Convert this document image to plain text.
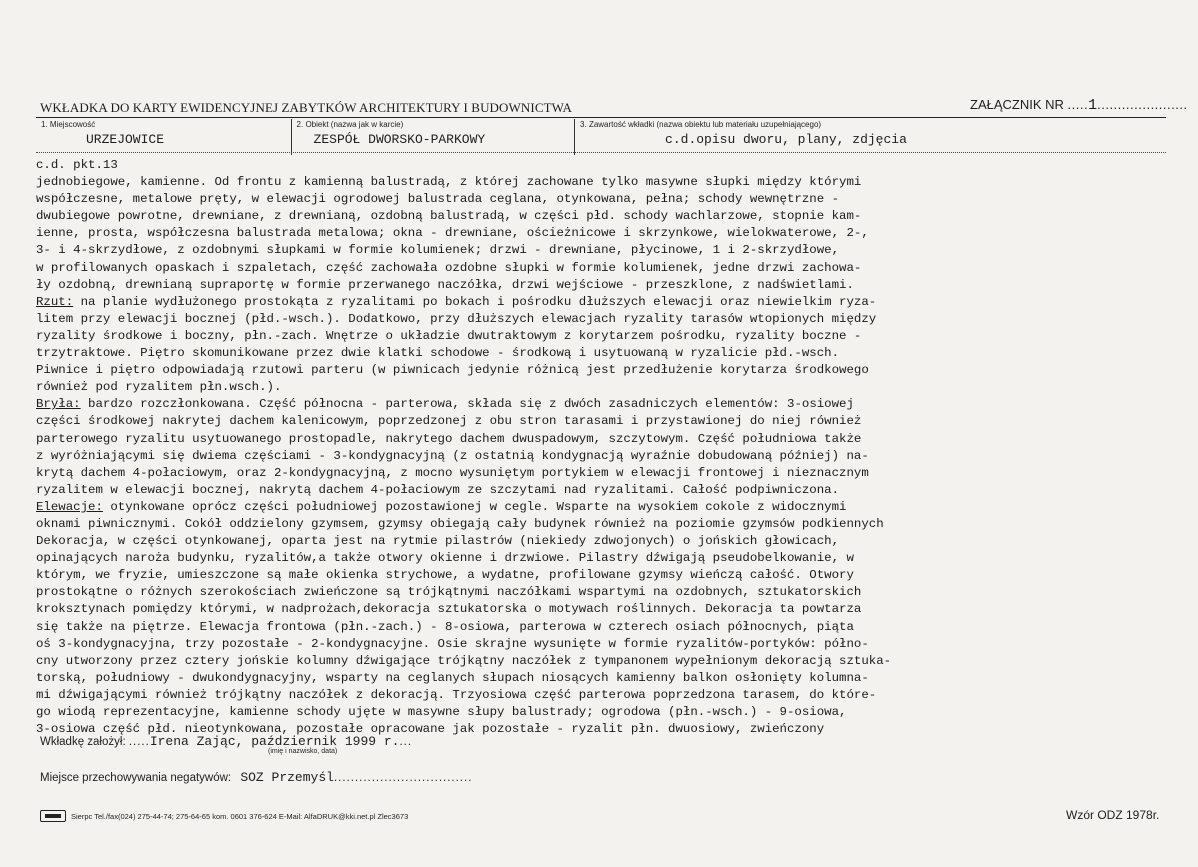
WKŁADKA DO KARTY EWIDENCYJNEJ ZABYTKÓW ARCHITEKTURY I BUDOWNICTWA	ZAŁĄCZNIK NR .....1......................
1. Miejscowość
URZEJOWICE
2. Obiekt (nazwa jak w karcie)
ZESPÓŁ DWORSKO-PARKOWY
3. Zawartość wkładki (nazwa obiektu lub materiału uzupełniającego)
c.d.opisu dworu, plany, zdjęcia
c.d. pkt.13
jednobiegowe, kamienne. Od frontu z kamienną balustradą, z której zachowane tylko masywne słupki między którymi
współczesne, metalowe pręty, w elewacji ogrodowej balustrada ceglana, otynkowana, pełna; schody wewnętrzne -
dwubiegowe powrotne, drewniane, z drewnianą, ozdobną balustradą, w części płd. schody wachlarzowe, stopnie kam-
ienne, prosta, współczesna balustrada metalowa; okna - drewniane, ościeżnicowe i skrzynkowe, wielokwaterowe, 2-,
3- i 4-skrzydłowe, z ozdobnymi słupkami w formie kolumienek; drzwi - drewniane, płycinowe, 1 i 2-skrzydłowe,
w profilowanych opaskach i szpaletach, część zachowała ozdobne słupki w formie kolumienek, jedne drzwi zachowa-
ły ozdobną, drewnianą supraportę w formie przerwanego naczółka, drzwi wejściowe - przeszklone, z nadświetlami.
Rzut: na planie wydłużonego prostokąta z ryzalitami po bokach i pośrodku dłuższych elewacji oraz niewielkim ryza-
litem przy elewacji bocznej (płd.-wsch.). Dodatkowo, przy dłuższych elewacjach ryzality tarasów wtopionych między
ryzality środkowe i boczny, płn.-zach. Wnętrze o układzie dwutraktowym z korytarzem pośrodku, ryzality boczne -
trzytraktowe. Piętro skomunikowane przez dwie klatki schodowe - środkową i usytuowaną w ryzalicie płd.-wsch.
Piwnice i piętro odpowiadają rzutowi parteru (w piwnicach jedynie różnicą jest przedłużenie korytarza środkowego
również pod ryzalitem płn.wsch.).
Bryła: bardzo rozczłonkowana. Część północna - parterowa, składa się z dwóch zasadniczych elementów: 3-osiowej
części środkowej nakrytej dachem kalenicowym, poprzedzonej z obu stron tarasami i przystawionej do niej również
parterowego ryzalitu usytuowanego prostopadle, nakrytego dachem dwuspadowym, szczytowym. Część południowa także
z wyróżniającymi się dwiema częściami - 3-kondygnacyjną (z ostatnią kondygnacją wyraźnie dobudowaną później) na-
krytą dachem 4-połaciowym, oraz 2-kondygnacyjną, z mocno wysuniętym portykiem w elewacji frontowej i nieznacznym
ryzalitem w elewacji bocznej, nakrytą dachem 4-połaciowym ze szczytami nad ryzalitami. Całość podpiwniczona.
Elewacje: otynkowane oprócz części południowej pozostawionej w cegle. Wsparte na wysokiem cokole z widocznymi
oknami piwnicznymi. Cokół oddzielony gzymsem, gzymsy obiegają cały budynek również na poziomie gzymsów podkiennych
Dekoracja, w części otynkowanej, oparta jest na rytmie pilastrów (niekiedy zdwojonych) o jońskich głowicach,
opinających naroża budynku, ryzalitów,a także otwory okienne i drzwiowe. Pilastry dźwigają pseudobelkowanie, w
którym, we fryzie, umieszczone są małe okienka strychowe, a wydatne, profilowane gzymsy wieńczą całość. Otwory
prostokątne o różnych szerokościach zwieńczone są trójkątnymi naczółkami wspartymi na ozdobnych, sztukatorskich
kroksztynach pomiędzy którymi, w nadprożach,dekoracja sztukatorska o motywach roślinnych. Dekoracja ta powtarza
się także na piętrze. Elewacja frontowa (płn.-zach.) - 8-osiowa, parterowa w czterech osiach północnych, piąta
oś 3-kondygnacyjna, trzy pozostałe - 2-kondygnacyjne. Osie skrajne wysunięte w formie ryzalitów-portyków: półno-
cny utworzony przez cztery jońskie kolumny dźwigające trójkątny naczółek z tympanonem wypełnionym dekoracją sztuka-
torską, południowy - dwukondygnacyjny, wsparty na ceglanych słupach niosących kamienny balkon osłonięty kolumna-
mi dźwigającymi również trójkątny naczółek z dekoracją. Trzyosiowa część parterowa poprzedzona tarasem, do które-
go wiodą reprezentacyjne, kamienne schody ujęte w masywne słupy balustrady; ogrodowa (płn.-wsch.) - 9-osiowa,
3-osiowa część płd. nieotynkowana, pozostałe opracowane jak pozostałe - ryzalit płn. dwuosiowy, zwieńczony
Wkładkę założył: .....Irena Zając, październik 1999 r....
(imię i nazwisko, data)
Miejsce przechowywania negatywów: SOZ Przemyśl.................................
Sierpc Tel./fax(024) 275-44-74; 275-64-65 kom. 0601 376-624 E-Mail: AlfaDRUK@kki.net.pl Zlec3673	Wzór ODZ 1978r.
